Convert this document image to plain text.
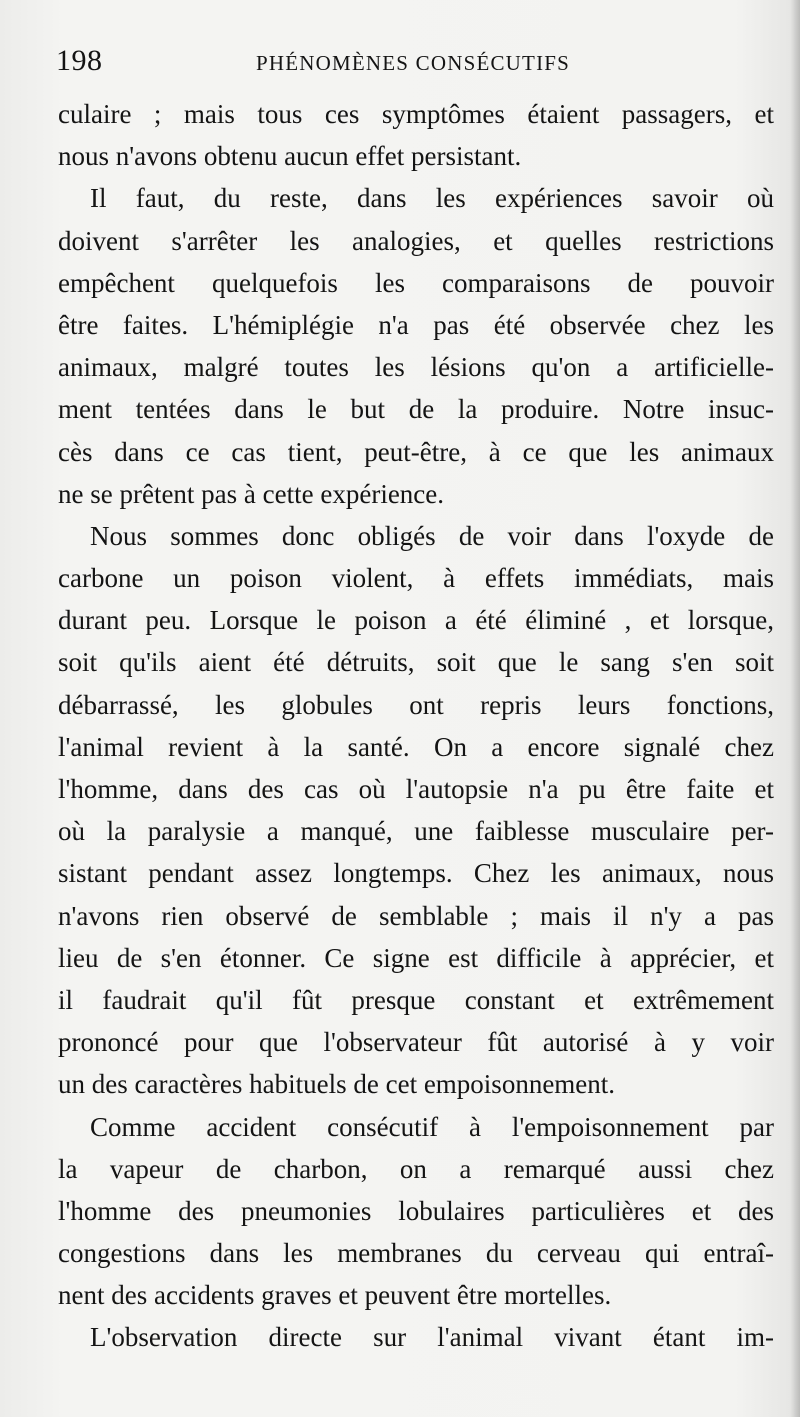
198	PHÉNOMÈNES CONSÉCUTIFS
culaire ; mais tous ces symptômes étaient passagers, et
nous n'avons obtenu aucun effet persistant.
Il faut, du reste, dans les expériences savoir où
doivent s'arrêter les analogies, et quelles restrictions
empêchent quelquefois les comparaisons de pouvoir
être faites. L'hémiplégie n'a pas été observée chez les
animaux, malgré toutes les lésions qu'on a artificielle-
ment tentées dans le but de la produire. Notre insuc-
cès dans ce cas tient, peut-être, à ce que les animaux
ne se prêtent pas à cette expérience.
Nous sommes donc obligés de voir dans l'oxyde de
carbone un poison violent, à effets immédiats, mais
durant peu. Lorsque le poison a été éliminé , et lorsque,
soit qu'ils aient été détruits, soit que le sang s'en soit
débarrassé, les globules ont repris leurs fonctions,
l'animal revient à la santé. On a encore signalé chez
l'homme, dans des cas où l'autopsie n'a pu être faite et
où la paralysie a manqué, une faiblesse musculaire per-
sistant pendant assez longtemps. Chez les animaux, nous
n'avons rien observé de semblable ; mais il n'y a pas
lieu de s'en étonner. Ce signe est difficile à apprécier, et
il faudrait qu'il fût presque constant et extrêmement
prononcé pour que l'observateur fût autorisé à y voir
un des caractères habituels de cet empoisonnement.
Comme accident consécutif à l'empoisonnement par
la vapeur de charbon, on a remarqué aussi chez
l'homme des pneumonies lobulaires particulières et des
congestions dans les membranes du cerveau qui entraî-
nent des accidents graves et peuvent être mortelles.
L'observation directe sur l'animal vivant étant im-
